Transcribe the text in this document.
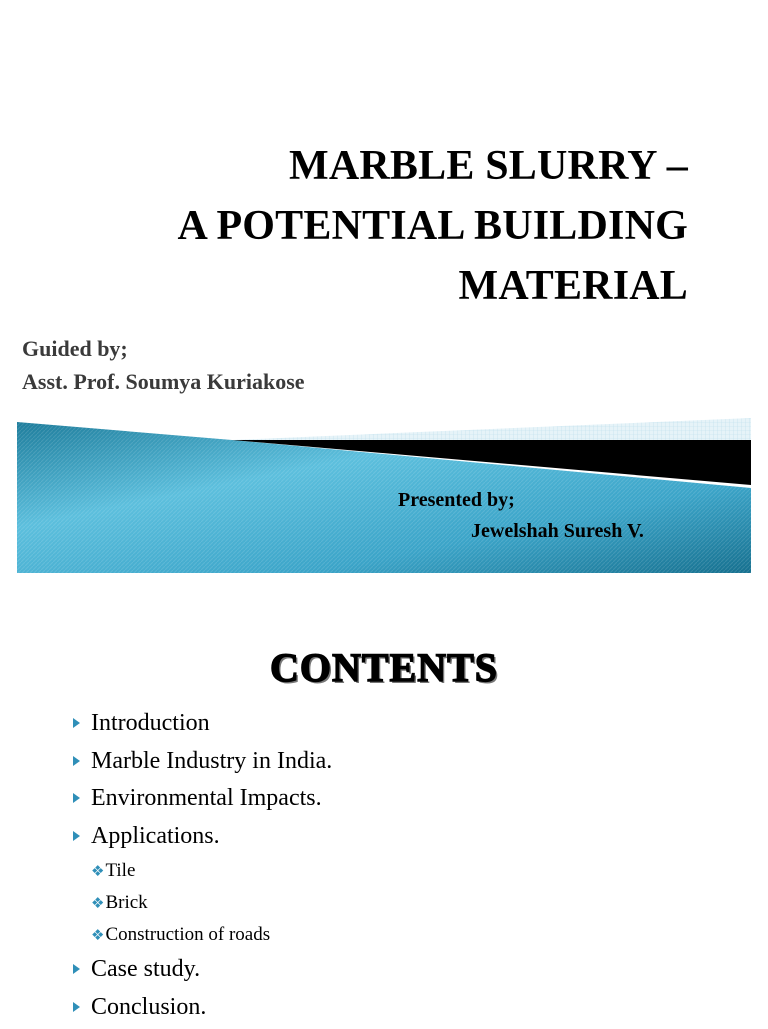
MARBLE SLURRY –
A POTENTIAL BUILDING
MATERIAL
Guided by;
Asst. Prof. Soumya Kuriakose
Presented by;
Jewelshah Suresh V.
CONTENTS
Introduction
Marble Industry in India.
Environmental Impacts.
Applications.
❖Tile
❖Brick
❖Construction of roads
Case study.
Conclusion.
